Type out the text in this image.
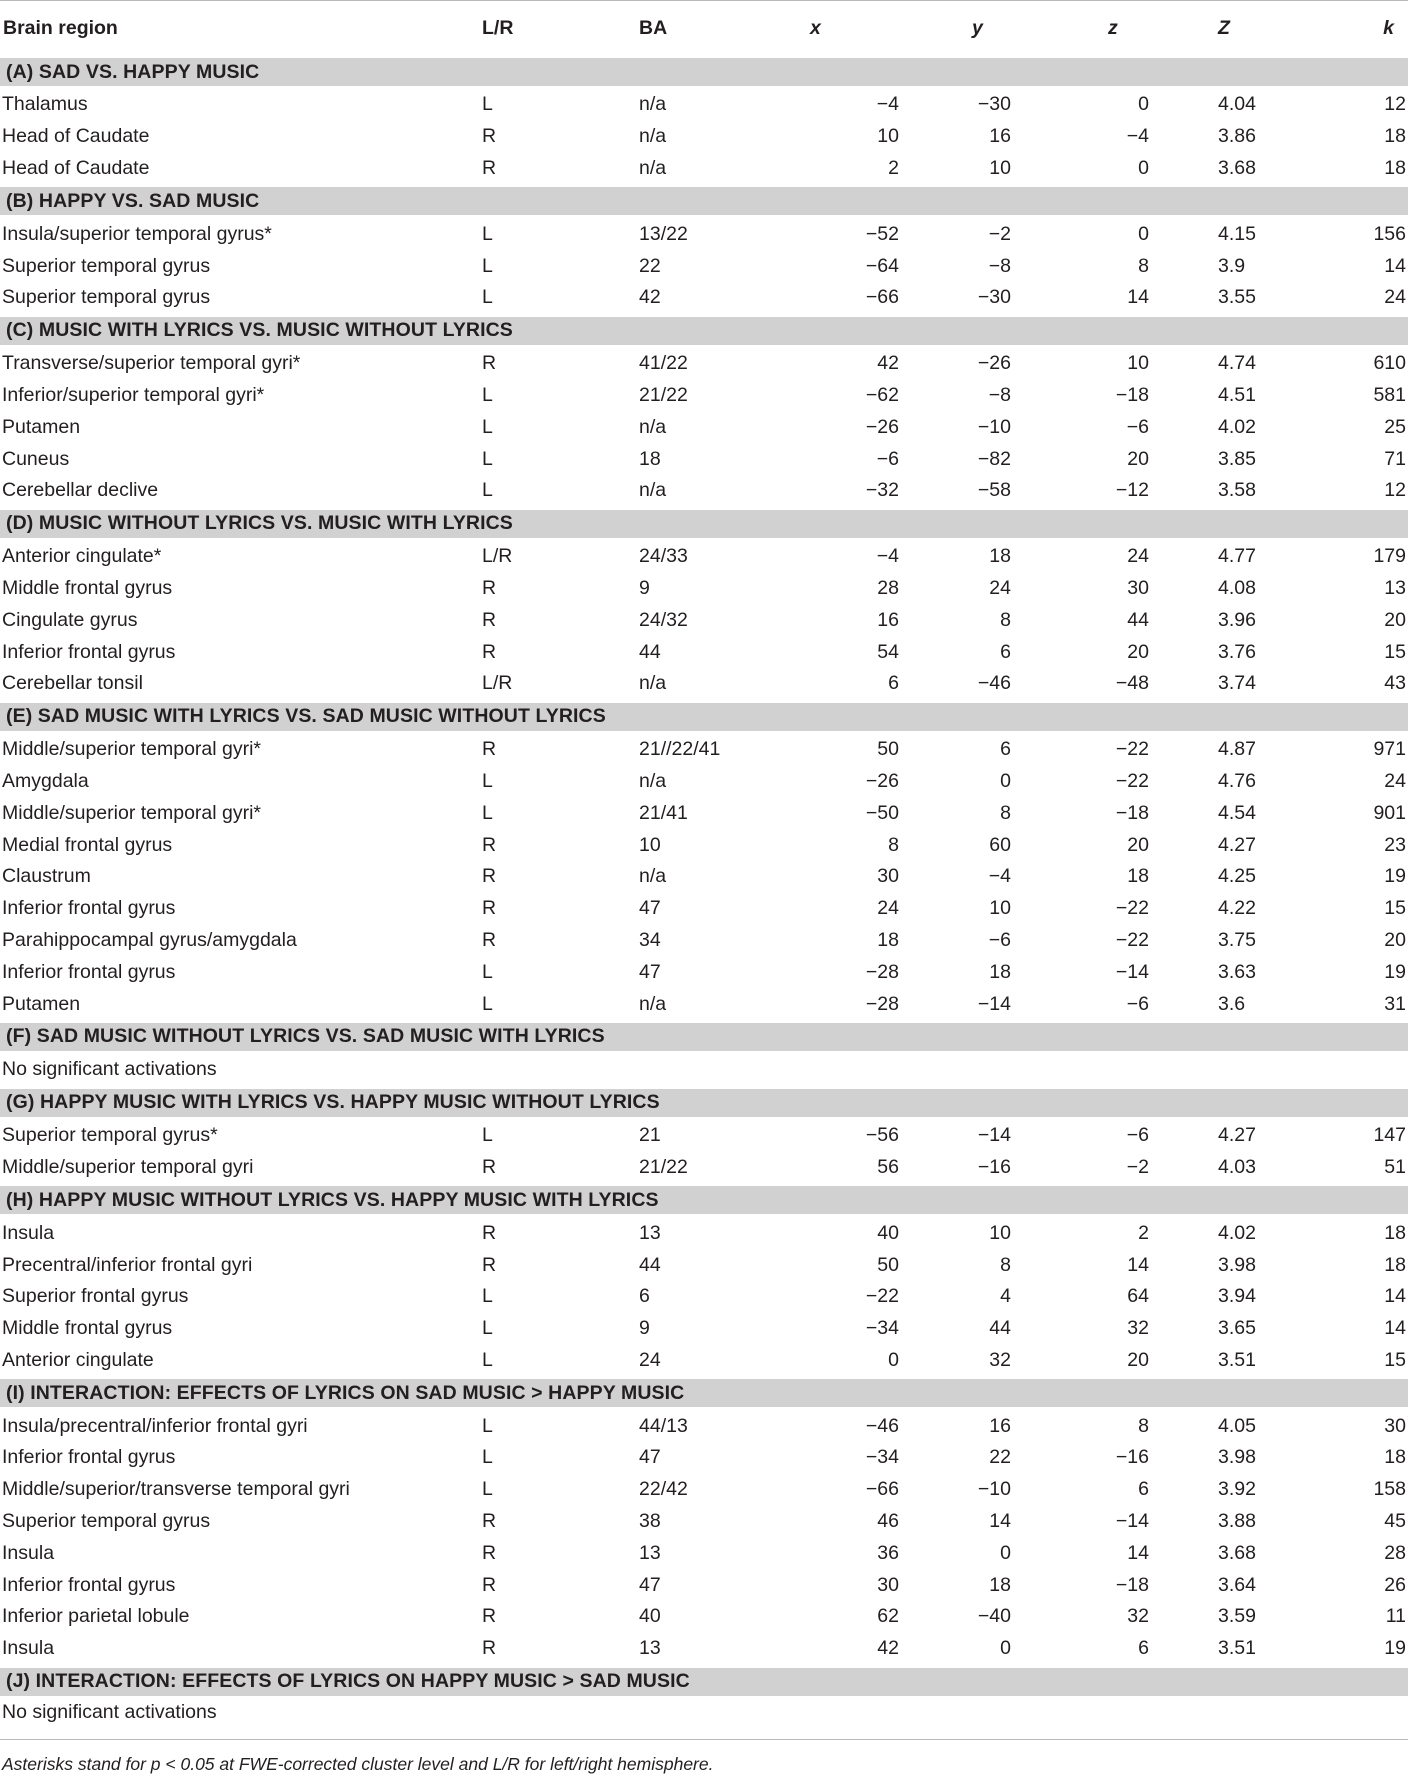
Brain region	L/R	BA	x	y	z	Z	k
(A) SAD VS. HAPPY MUSIC							
Thalamus	L	n/a	−4	−30	0	4.04	12
Head of Caudate	R	n/a	10	16	−4	3.86	18
Head of Caudate	R	n/a	2	10	0	3.68	18
(B) HAPPY VS. SAD MUSIC							
Insula/superior temporal gyrus*	L	13/22	−52	−2	0	4.15	156
Superior temporal gyrus	L	22	−64	−8	8	3.9	14
Superior temporal gyrus	L	42	−66	−30	14	3.55	24
(C) MUSIC WITH LYRICS VS. MUSIC WITHOUT LYRICS							
Transverse/superior temporal gyri*	R	41/22	42	−26	10	4.74	610
Inferior/superior temporal gyri*	L	21/22	−62	−8	−18	4.51	581
Putamen	L	n/a	−26	−10	−6	4.02	25
Cuneus	L	18	−6	−82	20	3.85	71
Cerebellar declive	L	n/a	−32	−58	−12	3.58	12
(D) MUSIC WITHOUT LYRICS VS. MUSIC WITH LYRICS							
Anterior cingulate*	L/R	24/33	−4	18	24	4.77	179
Middle frontal gyrus	R	9	28	24	30	4.08	13
Cingulate gyrus	R	24/32	16	8	44	3.96	20
Inferior frontal gyrus	R	44	54	6	20	3.76	15
Cerebellar tonsil	L/R	n/a	6	−46	−48	3.74	43
(E) SAD MUSIC WITH LYRICS VS. SAD MUSIC WITHOUT LYRICS							
Middle/superior temporal gyri*	R	21//22/41	50	6	−22	4.87	971
Amygdala	L	n/a	−26	0	−22	4.76	24
Middle/superior temporal gyri*	L	21/41	−50	8	−18	4.54	901
Medial frontal gyrus	R	10	8	60	20	4.27	23
Claustrum	R	n/a	30	−4	18	4.25	19
Inferior frontal gyrus	R	47	24	10	−22	4.22	15
Parahippocampal gyrus/amygdala	R	34	18	−6	−22	3.75	20
Inferior frontal gyrus	L	47	−28	18	−14	3.63	19
Putamen	L	n/a	−28	−14	−6	3.6	31
(F) SAD MUSIC WITHOUT LYRICS VS. SAD MUSIC WITH LYRICS							
No significant activations							
(G) HAPPY MUSIC WITH LYRICS VS. HAPPY MUSIC WITHOUT LYRICS							
Superior temporal gyrus*	L	21	−56	−14	−6	4.27	147
Middle/superior temporal gyri	R	21/22	56	−16	−2	4.03	51
(H) HAPPY MUSIC WITHOUT LYRICS VS. HAPPY MUSIC WITH LYRICS							
Insula	R	13	40	10	2	4.02	18
Precentral/inferior frontal gyri	R	44	50	8	14	3.98	18
Superior frontal gyrus	L	6	−22	4	64	3.94	14
Middle frontal gyrus	L	9	−34	44	32	3.65	14
Anterior cingulate	L	24	0	32	20	3.51	15
(I) INTERACTION: EFFECTS OF LYRICS ON SAD MUSIC > HAPPY MUSIC							
Insula/precentral/inferior frontal gyri	L	44/13	−46	16	8	4.05	30
Inferior frontal gyrus	L	47	−34	22	−16	3.98	18
Middle/superior/transverse temporal gyri	L	22/42	−66	−10	6	3.92	158
Superior temporal gyrus	R	38	46	14	−14	3.88	45
Insula	R	13	36	0	14	3.68	28
Inferior frontal gyrus	R	47	30	18	−18	3.64	26
Inferior parietal lobule	R	40	62	−40	32	3.59	11
Insula	R	13	42	0	6	3.51	19
(J) INTERACTION: EFFECTS OF LYRICS ON HAPPY MUSIC > SAD MUSIC							
No significant activations							
Asterisks stand for p < 0.05 at FWE-corrected cluster level and L/R for left/right hemisphere.
